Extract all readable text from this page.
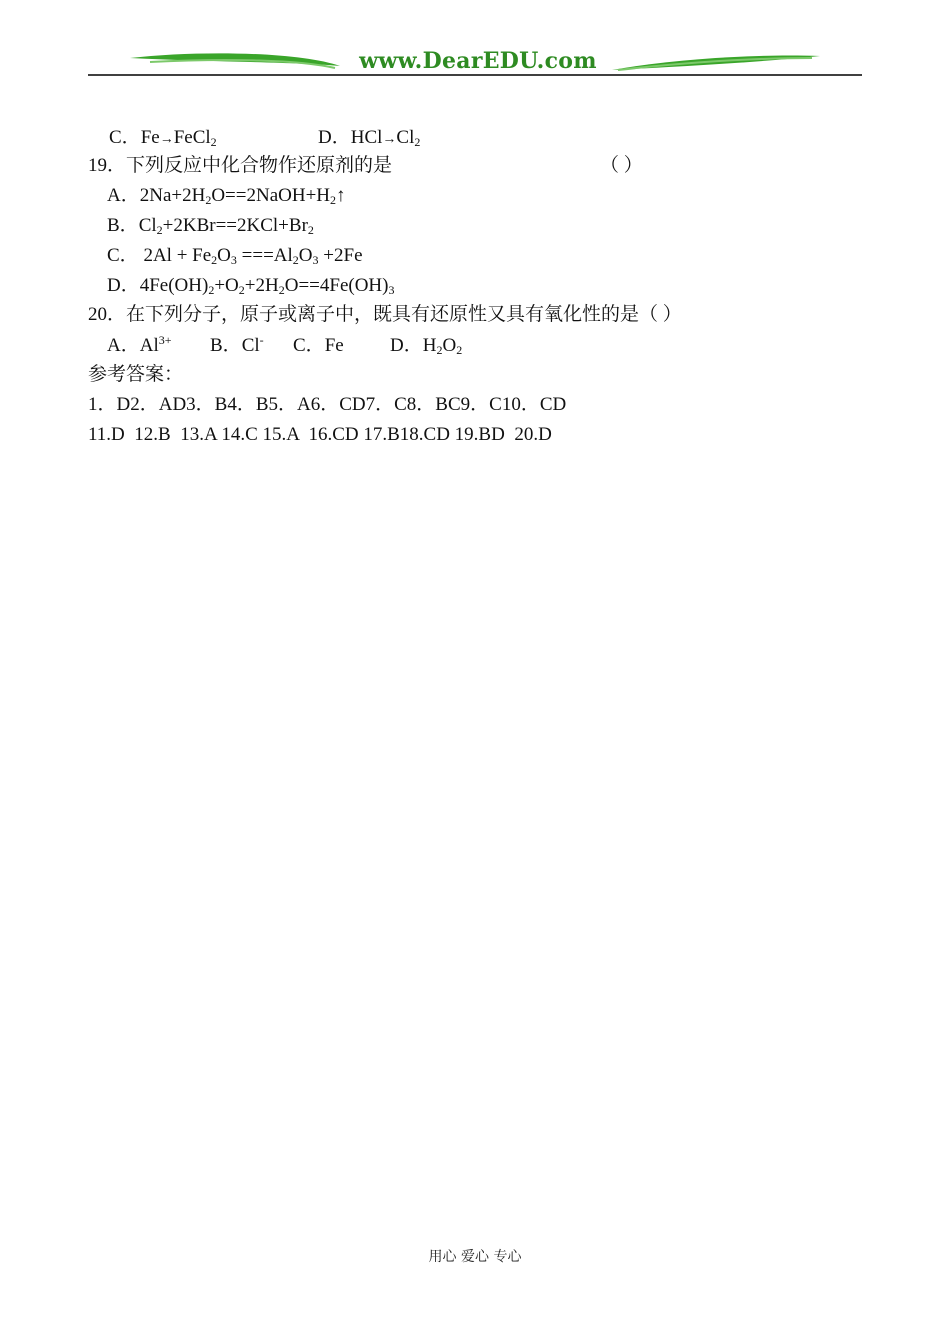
www.DearEDU.com
C．Fe→FeCl$_2$	D．$HCl\to Cl_2$
19．下列反应中化合物作还原剂的是	（ ）
A．$2Na+2H_2O==2NaOH+H_2↑$
B．$Cl_2+2KBr==2KCl+Br_2$
C． $2Al + Fe_2O_3 ===Al_2O_3 +2Fe$
D．$4Fe(OH)_2+O_2+2H_2O==4Fe(OH)_3$
20．在下列分子，原子或离子中，既具有还原性又具有氧化性的是（ ）
A．$Al^{3+}$ B．Cl- C．Fe D．$H_2O_2$
参考答案：
1．D2．AD3．B4．B5．A6．CD7．C8．BC9．C10．CD
11.D  12.B  13.A 14.C 15.A  16.CD 17.B18.CD 19.BD  20.D
用心 爱心 专心
